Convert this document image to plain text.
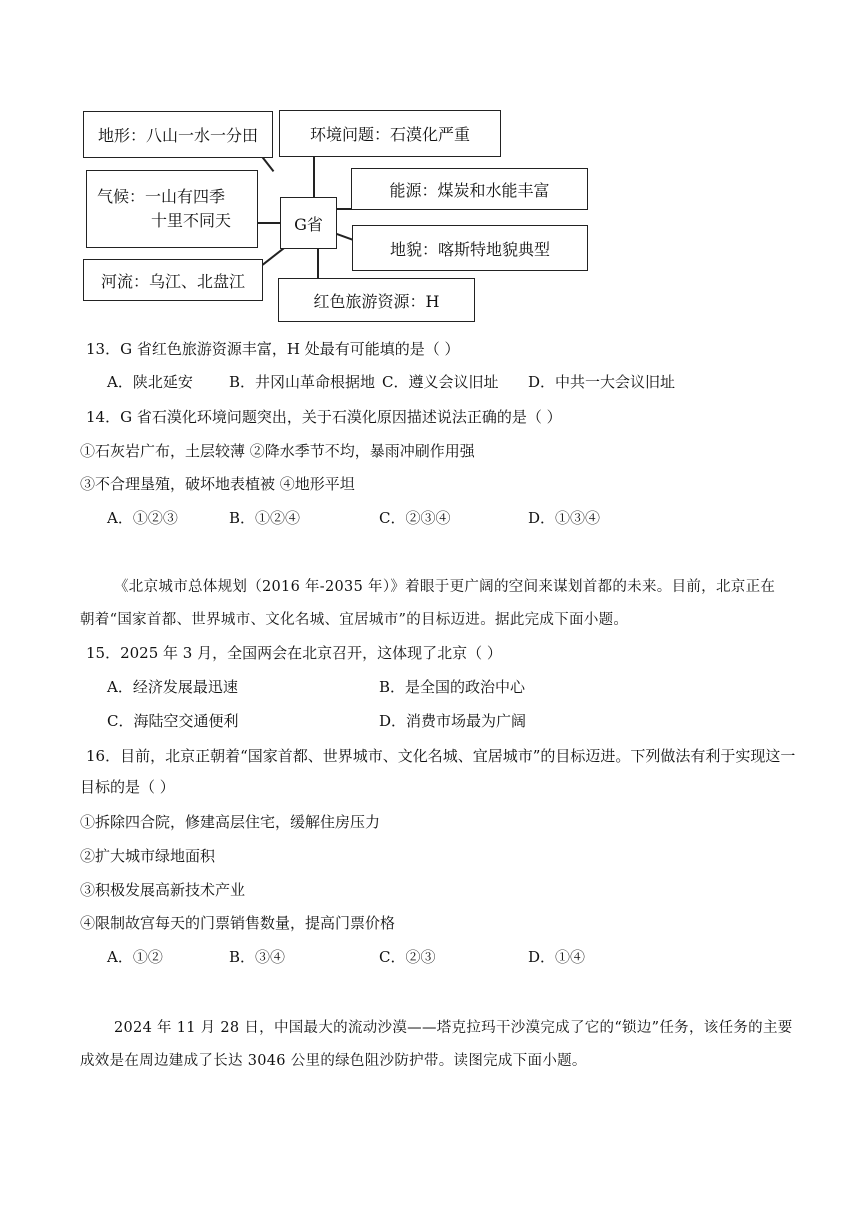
地形：八山一水一分田	环境问题：石漠化严重
气候：一山有四季
十里不同天	G省
能源：煤炭和水能丰富
地貌：喀斯特地貌典型
河流：乌江、北盘江
红色旅游资源：H
13．G 省红色旅游资源丰富，H 处最有可能填的是（ ）
A．陕北延安 B．井冈山革命根据地 C．遵义会议旧址 D．中共一大会议旧址
14．G 省石漠化环境问题突出，关于石漠化原因描述说法正确的是（ ）
①石灰岩广布，土层较薄 ②降水季节不均，暴雨冲刷作用强
③不合理垦殖，破坏地表植被 ④地形平坦
A．①②③	B．①②④	C．②③④	D．①③④
《北京城市总体规划（2016 年-2035 年）》着眼于更广阔的空间来谋划首都的未来。目前，北京正在
朝着“国家首都、世界城市、文化名城、宜居城市”的目标迈进。据此完成下面小题。
15．2025 年 3 月，全国两会在北京召开，这体现了北京（ ）
A．经济发展最迅速	B．是全国的政治中心
C．海陆空交通便利	D．消费市场最为广阔
16．目前，北京正朝着“国家首都、世界城市、文化名城、宜居城市”的目标迈进。下列做法有利于实现这一
目标的是（ ）
①拆除四合院，修建高层住宅，缓解住房压力
②扩大城市绿地面积
③积极发展高新技术产业
④限制故宫每天的门票销售数量，提高门票价格
A．①②	B．③④	C．②③	D．①④
2024 年 11 月 28 日，中国最大的流动沙漠——塔克拉玛干沙漠完成了它的“锁边”任务，该任务的主要
成效是在周边建成了长达 3046 公里的绿色阻沙防护带。读图完成下面小题。
